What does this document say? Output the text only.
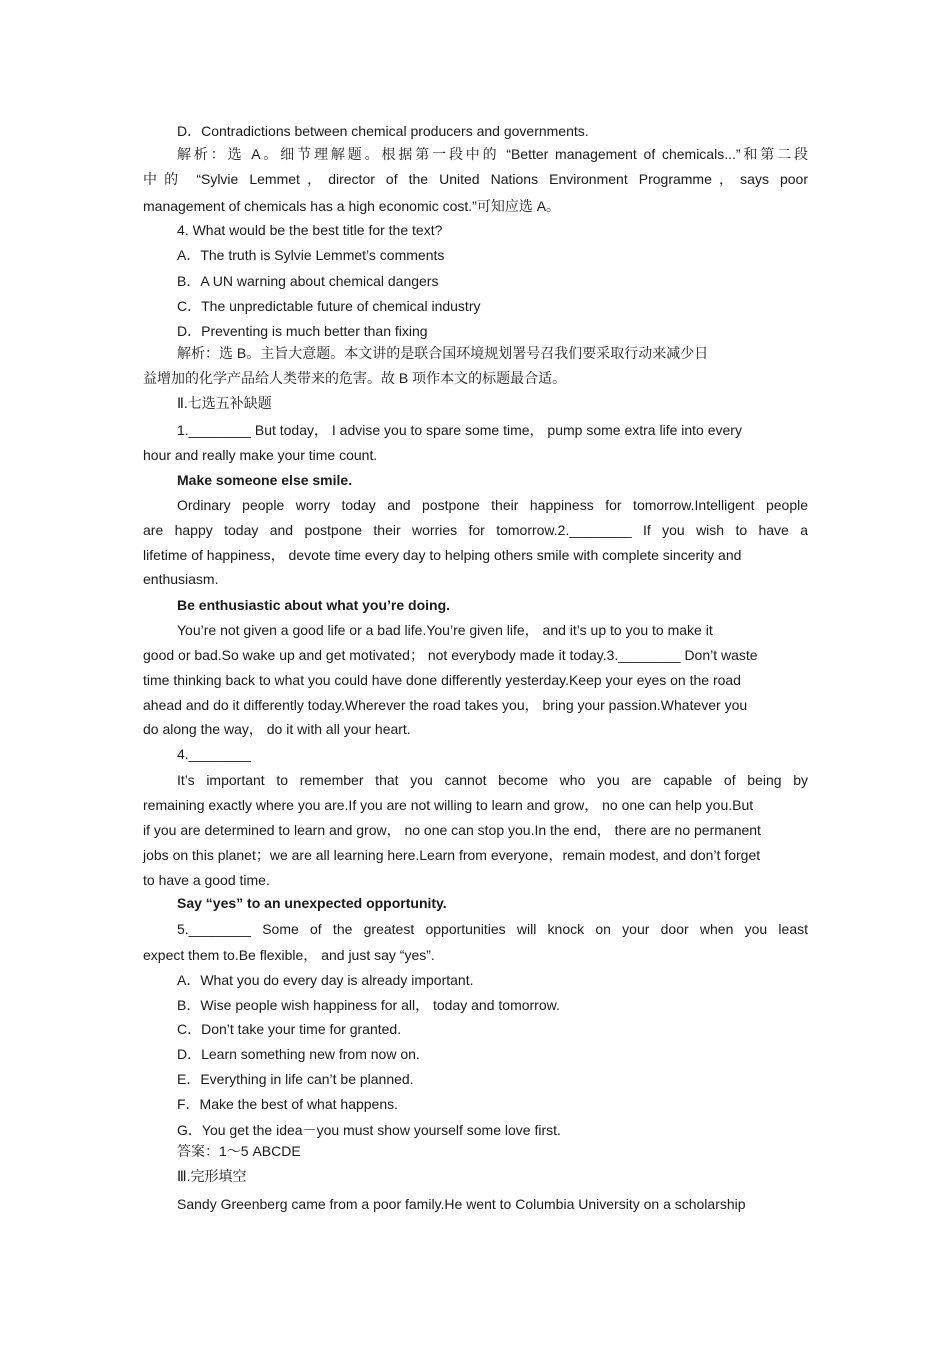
D．Contradictions between chemical producers and governments.
解析：选 A。细节理解题。根据第一段中的 “Better management of chemicals...”和第二段
中的 “Sylvie Lemmet，director of the United Nations Environment Programme，says poor
management of chemicals has a high economic cost.”可知应选 A。
4. What would be the best title for the text?
A．The truth is Sylvie Lemmet’s comments
B．A UN warning about chemical dangers
C．The unpredictable future of chemical industry
D．Preventing is much better than fixing
解析：选 B。主旨大意题。本文讲的是联合国环境规划署号召我们要采取行动来减少日
益增加的化学产品给人类带来的危害。故 B 项作本文的标题最合适。
Ⅱ.七选五补缺题
1.________ But today， I advise you to spare some time， pump some extra life into every
hour and really make your time count.
Make someone else smile.
Ordinary people worry today and postpone their happiness for tomorrow.Intelligent people
are happy today and postpone their worries for tomorrow.2.________ If you wish to have a
lifetime of happiness， devote time every day to helping others smile with complete sincerity and
enthusiasm.
Be enthusiastic about what you’re doing.
You’re not given a good life or a bad life.You’re given life， and it’s up to you to make it
good or bad.So wake up and get motivated； not everybody made it today.3.________ Don’t waste
time thinking back to what you could have done differently yesterday.Keep your eyes on the road
ahead and do it differently today.Wherever the road takes you， bring your passion.Whatever you
do along the way， do it with all your heart.
4.________
It’s important to remember that you cannot become who you are capable of being by
remaining exactly where you are.If you are not willing to learn and grow， no one can help you.But
if you are determined to learn and grow， no one can stop you.In the end， there are no permanent
jobs on this planet；we are all learning here.Learn from everyone，remain modest, and don’t forget
to have a good time.
Say “yes” to an unexpected opportunity.
5.________ Some of the greatest opportunities will knock on your door when you least
expect them to.Be flexible， and just say “yes”.
A．What you do every day is already important.
B．Wise people wish happiness for all， today and tomorrow.
C．Don’t take your time for granted.
D．Learn something new from now on.
E．Everything in life can’t be planned.
F．Make the best of what happens.
G．You get the idea－you must show yourself some love first.
答案：1～5 ABCDE
Ⅲ.完形填空
Sandy Greenberg came from a poor family.He went to Columbia University on a scholarship
